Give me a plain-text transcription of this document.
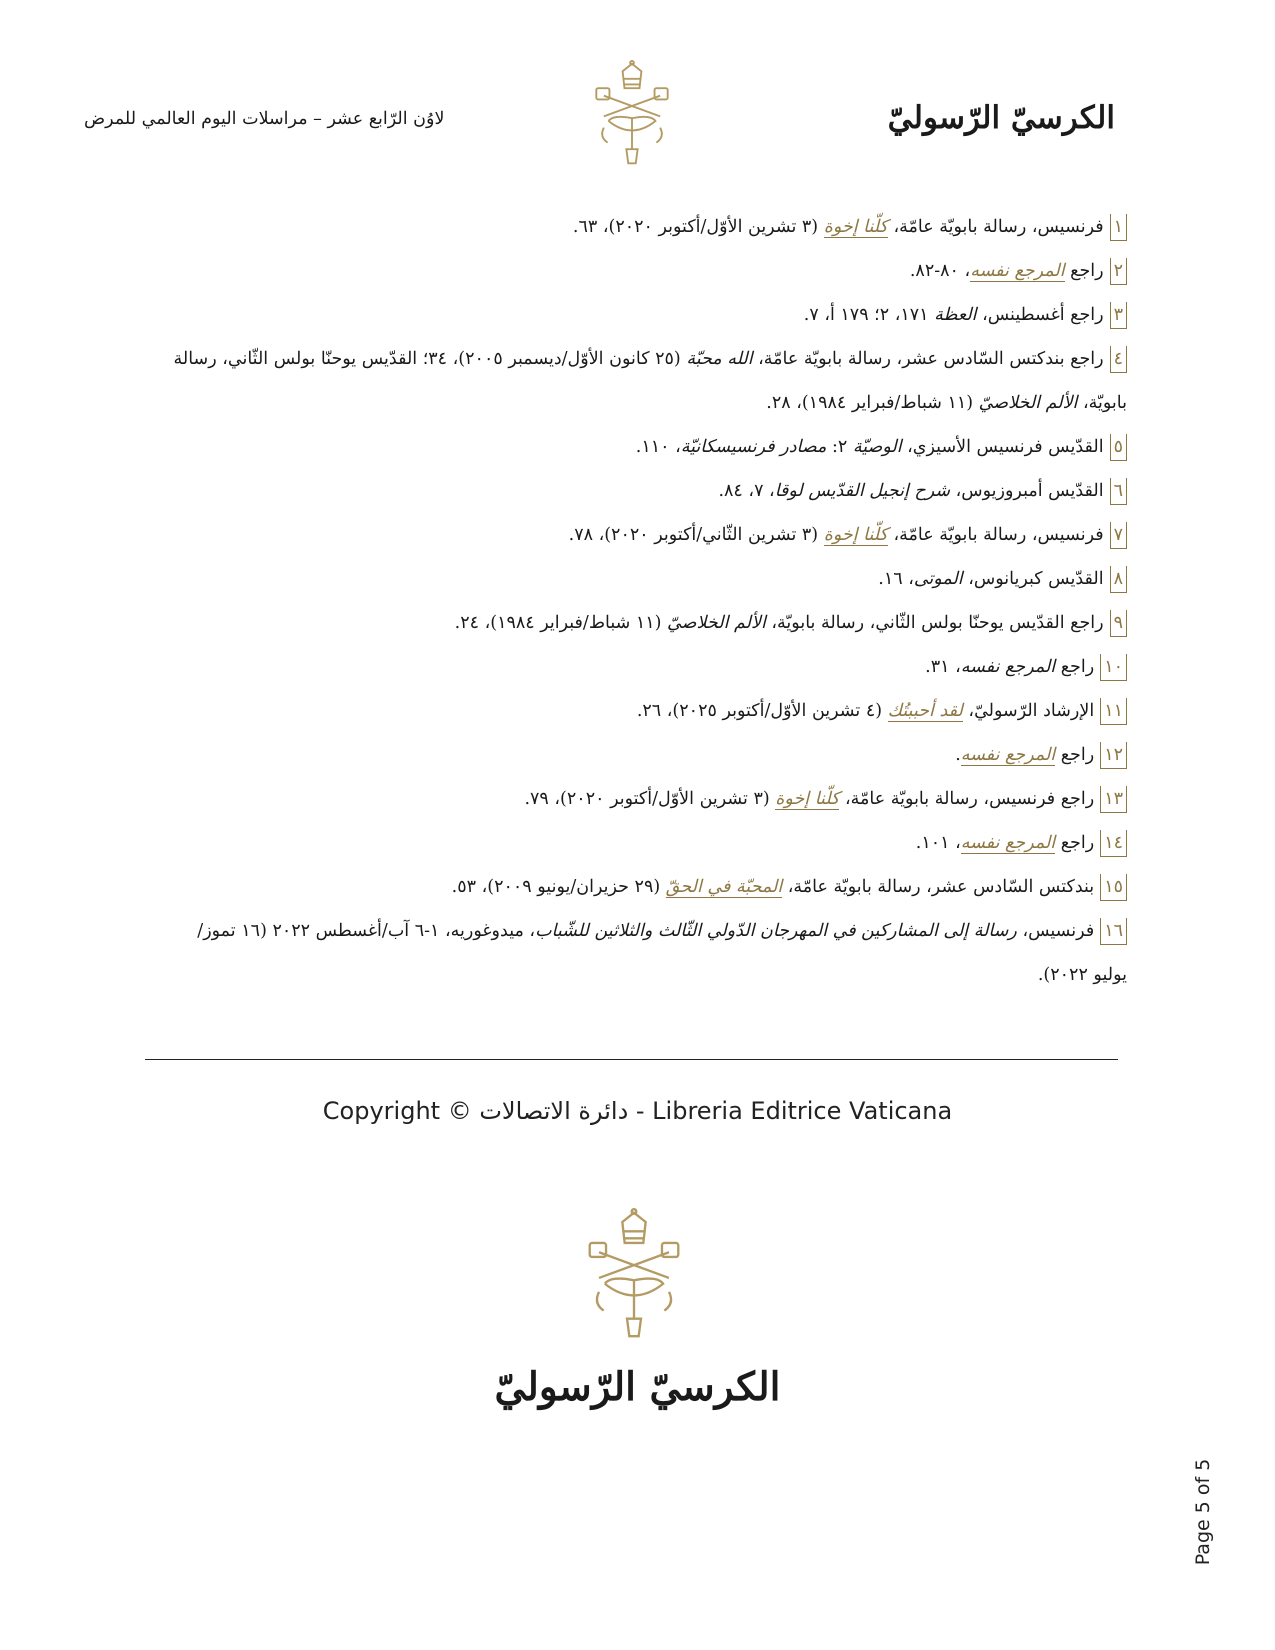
الكرسيّ الرّسوليّ
لاوُن الرّابع عشر – مراسلات اليوم العالمي للمرض
١فرنسيس، رسالة بابويّة عامّة، كلّنا إخوة (٣ تشرين الأوّل/أكتوبر ٢٠٢٠)، ٦٣.
٢راجع المرجع نفسه، ٨٠-٨٢.
٣راجع أغسطينس، العظة ١٧١، ٢؛ ١٧٩ أ، ٧.
٤راجع بندكتس السّادس عشر، رسالة بابويّة عامّة، الله محبّة (٢٥ كانون الأوّل/ديسمبر ٢٠٠٥)، ٣٤؛ القدّيس يوحنّا بولس الثّاني، رسالة بابويّة، الألم الخلاصيّ (١١ شباط/فبراير ١٩٨٤)، ٢٨.
٥القدّيس فرنسيس الأسيزي، الوصيّة ٢: مصادر فرنسيسكانيّة، ١١٠.
٦القدّيس أمبروزيوس، شرح إنجيل القدّيس لوقا، ٧، ٨٤.
٧فرنسيس، رسالة بابويّة عامّة، كلّنا إخوة (٣ تشرين الثّاني/أكتوبر ٢٠٢٠)، ٧٨.
٨القدّيس كبريانوس، الموتى، ١٦.
٩راجع القدّيس يوحنّا بولس الثّاني، رسالة بابويّة، الألم الخلاصيّ (١١ شباط/فبراير ١٩٨٤)، ٢٤.
١٠راجع المرجع نفسه، ٣١.
١١الإرشاد الرّسوليّ، لقد أحببتُك (٤ تشرين الأوّل/أكتوبر ٢٠٢٥)، ٢٦.
١٢راجع المرجع نفسه.
١٣راجع فرنسيس، رسالة بابويّة عامّة، كلّنا إخوة (٣ تشرين الأوّل/أكتوبر ٢٠٢٠)، ٧٩.
١٤راجع المرجع نفسه، ١٠١.
١٥بندكتس السّادس عشر، رسالة بابويّة عامّة، المحبّة في الحقّ (٢٩ حزيران/يونيو ٢٠٠٩)، ٥٣.
١٦فرنسيس، رسالة إلى المشاركين في المهرجان الدّولي الثّالث والثلاثين للشّباب، ميدوغوريه، ١-٦ آب/أغسطس ٢٠٢٢ (١٦ تموز/يوليو ٢٠٢٢).
Copyright © دائرة الاتصالات - Libreria Editrice Vaticana
الكرسيّ الرّسوليّ
Page 5 of 5
